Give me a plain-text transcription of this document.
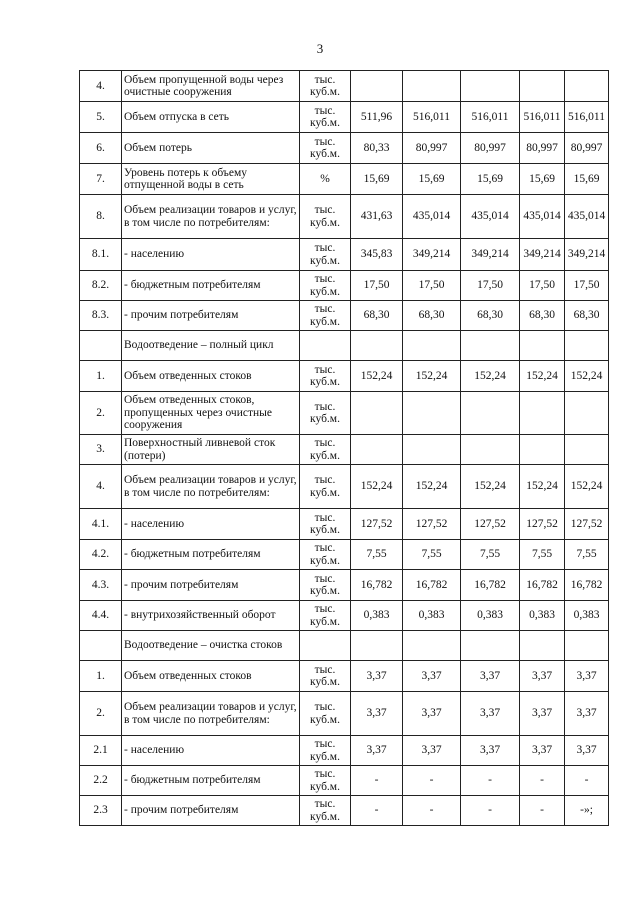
3
4.	Объем пропущенной воды через очистные сооружения	тыс. куб.м.					
5.	Объем отпуска в сеть	тыс. куб.м.	511,96	516,011	516,011	516,011	516,011
6.	Объем потерь	тыс. куб.м.	80,33	80,997	80,997	80,997	80,997
7.	Уровень потерь к объему отпущенной воды в сеть	%	15,69	15,69	15,69	15,69	15,69
8.	Объем реализации товаров и услуг, в том числе по потребителям:	тыс. куб.м.	431,63	435,014	435,014	435,014	435,014
8.1.	- населению	тыс. куб.м.	345,83	349,214	349,214	349,214	349,214
8.2.	- бюджетным потребителям	тыс. куб.м.	17,50	17,50	17,50	17,50	17,50
8.3.	- прочим потребителям	тыс. куб.м.	68,30	68,30	68,30	68,30	68,30
	Водоотведение – полный цикл						
1.	Объем отведенных стоков	тыс. куб.м.	152,24	152,24	152,24	152,24	152,24
2.	Объем отведенных стоков, пропущенных через очистные сооружения	тыс. куб.м.					
3.	Поверхностный ливневой сток (потери)	тыс. куб.м.					
4.	Объем реализации товаров и услуг, в том числе по потребителям:	тыс. куб.м.	152,24	152,24	152,24	152,24	152,24
4.1.	- населению	тыс. куб.м.	127,52	127,52	127,52	127,52	127,52
4.2.	- бюджетным потребителям	тыс. куб.м.	7,55	7,55	7,55	7,55	7,55
4.3.	- прочим потребителям	тыс. куб.м.	16,782	16,782	16,782	16,782	16,782
4.4.	- внутрихозяйственный оборот	тыс. куб.м.	0,383	0,383	0,383	0,383	0,383
	Водоотведение – очистка стоков						
1.	Объем отведенных стоков	тыс. куб.м.	3,37	3,37	3,37	3,37	3,37
2.	Объем реализации товаров и услуг, в том числе по потребителям:	тыс. куб.м.	3,37	3,37	3,37	3,37	3,37
2.1	- населению	тыс. куб.м.	3,37	3,37	3,37	3,37	3,37
2.2	- бюджетным потребителям	тыс. куб.м.	-	-	-	-	-
2.3	- прочим потребителям	тыс. куб.м.	-	-	-	-	-»;
